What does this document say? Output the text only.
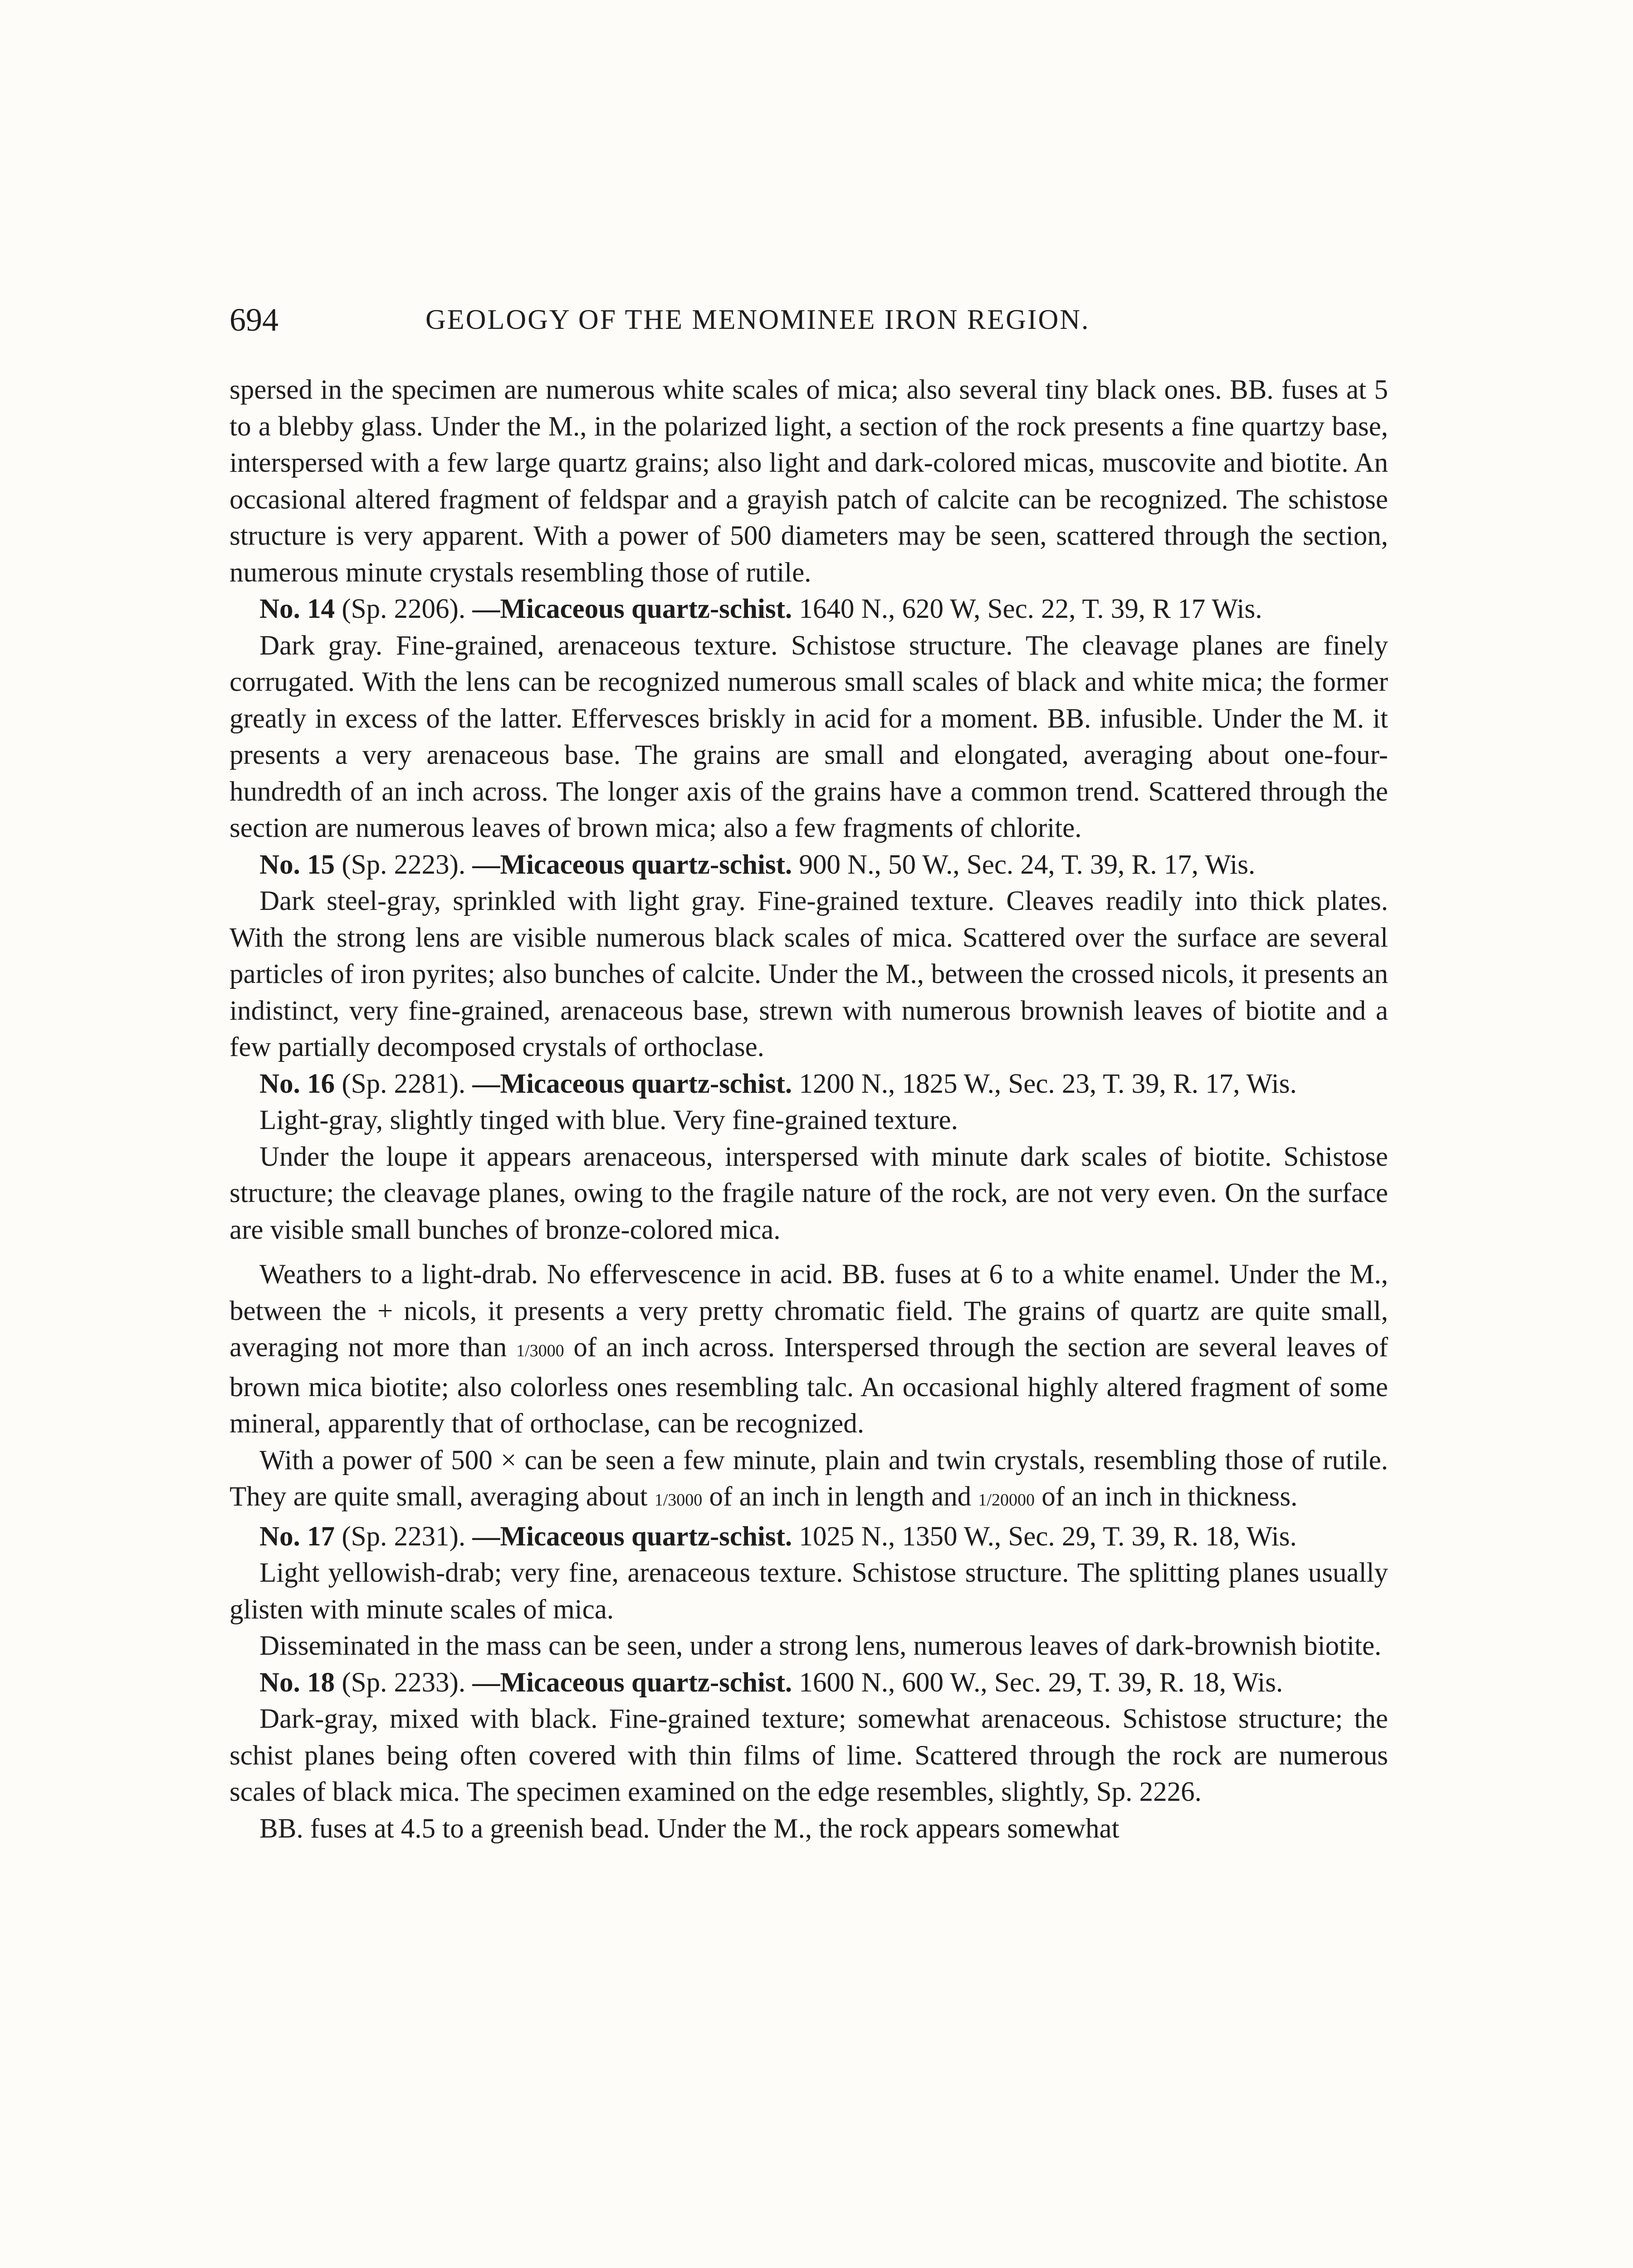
694	GEOLOGY OF THE MENOMINEE IRON REGION.

spersed in the specimen are numerous white scales of mica; also several tiny black ones. BB. fuses at 5 to a blebby glass. Under the M., in the polarized light, a section of the rock presents a fine quartzy base, interspersed with a few large quartz grains; also light and dark-colored micas, muscovite and biotite. An occasional altered fragment of feldspar and a grayish patch of calcite can be recognized. The schistose structure is very apparent. With a power of 500 diameters may be seen, scattered through the section, numerous minute crystals resembling those of rutile.

No. 14 (Sp. 2206). —Micaceous quartz-schist. 1640 N., 620 W, Sec. 22, T. 39, R 17 Wis.

Dark gray. Fine-grained, arenaceous texture. Schistose structure. The cleavage planes are finely corrugated. With the lens can be recognized numerous small scales of black and white mica; the former greatly in excess of the latter. Effervesces briskly in acid for a moment. BB. infusible. Under the M. it presents a very arenaceous base. The grains are small and elongated, averaging about one-four-hundredth of an inch across. The longer axis of the grains have a common trend. Scattered through the section are numerous leaves of brown mica; also a few fragments of chlorite.

No. 15 (Sp. 2223). —Micaceous quartz-schist. 900 N., 50 W., Sec. 24, T. 39, R. 17, Wis.

Dark steel-gray, sprinkled with light gray. Fine-grained texture. Cleaves readily into thick plates. With the strong lens are visible numerous black scales of mica. Scattered over the surface are several particles of iron pyrites; also bunches of calcite. Under the M., between the crossed nicols, it presents an indistinct, very fine-grained, arenaceous base, strewn with numerous brownish leaves of biotite and a few partially decomposed crystals of orthoclase.

No. 16 (Sp. 2281). —Micaceous quartz-schist. 1200 N., 1825 W., Sec. 23, T. 39, R. 17, Wis.

Light-gray, slightly tinged with blue. Very fine-grained texture.

Under the loupe it appears arenaceous, interspersed with minute dark scales of biotite. Schistose structure; the cleavage planes, owing to the fragile nature of the rock, are not very even. On the surface are visible small bunches of bronze-colored mica.

Weathers to a light-drab. No effervescence in acid. BB. fuses at 6 to a white enamel. Under the M., between the + nicols, it presents a very pretty chromatic field. The grains of quartz are quite small, averaging not more than 1/3000 of an inch across. Interspersed through the section are several leaves of brown mica biotite; also colorless ones resembling talc. An occasional highly altered fragment of some mineral, apparently that of orthoclase, can be recognized.

With a power of 500 × can be seen a few minute, plain and twin crystals, resembling those of rutile. They are quite small, averaging about 1/3000 of an inch in length and 1/20000 of an inch in thickness.

No. 17 (Sp. 2231). —Micaceous quartz-schist. 1025 N., 1350 W., Sec. 29, T. 39, R. 18, Wis.

Light yellowish-drab; very fine, arenaceous texture. Schistose structure. The splitting planes usually glisten with minute scales of mica.

Disseminated in the mass can be seen, under a strong lens, numerous leaves of dark-brownish biotite.

No. 18 (Sp. 2233). —Micaceous quartz-schist. 1600 N., 600 W., Sec. 29, T. 39, R. 18, Wis.

Dark-gray, mixed with black. Fine-grained texture; somewhat arenaceous. Schistose structure; the schist planes being often covered with thin films of lime. Scattered through the rock are numerous scales of black mica. The specimen examined on the edge resembles, slightly, Sp. 2226.

BB. fuses at 4.5 to a greenish bead. Under the M., the rock appears somewhat
